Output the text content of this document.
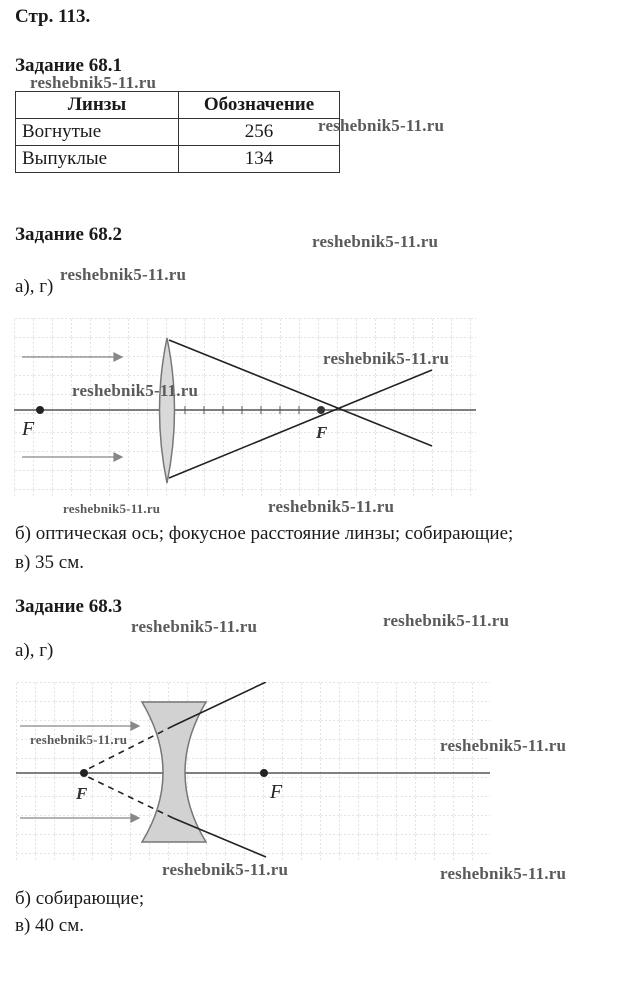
Стр. 113.
Задание 68.1
Линзы	Обозначение
Вогнутые	256
Выпуклые	134
Задание 68.2
а), г)
F	F
б) оптическая ось; фокусное расстояние линзы; собирающие;
в) 35 см.
Задание 68.3
а), г)
F	F
б) собирающие;
в) 40 см.
reshebnik5-11.ru
reshebnik5-11.ru
reshebnik5-11.ru
reshebnik5-11.ru
reshebnik5-11.ru
reshebnik5-11.ru
reshebnik5-11.ru	reshebnik5-11.ru
reshebnik5-11.ru	reshebnik5-11.ru
reshebnik5-11.ru	reshebnik5-11.ru
reshebnik5-11.ru	reshebnik5-11.ru
